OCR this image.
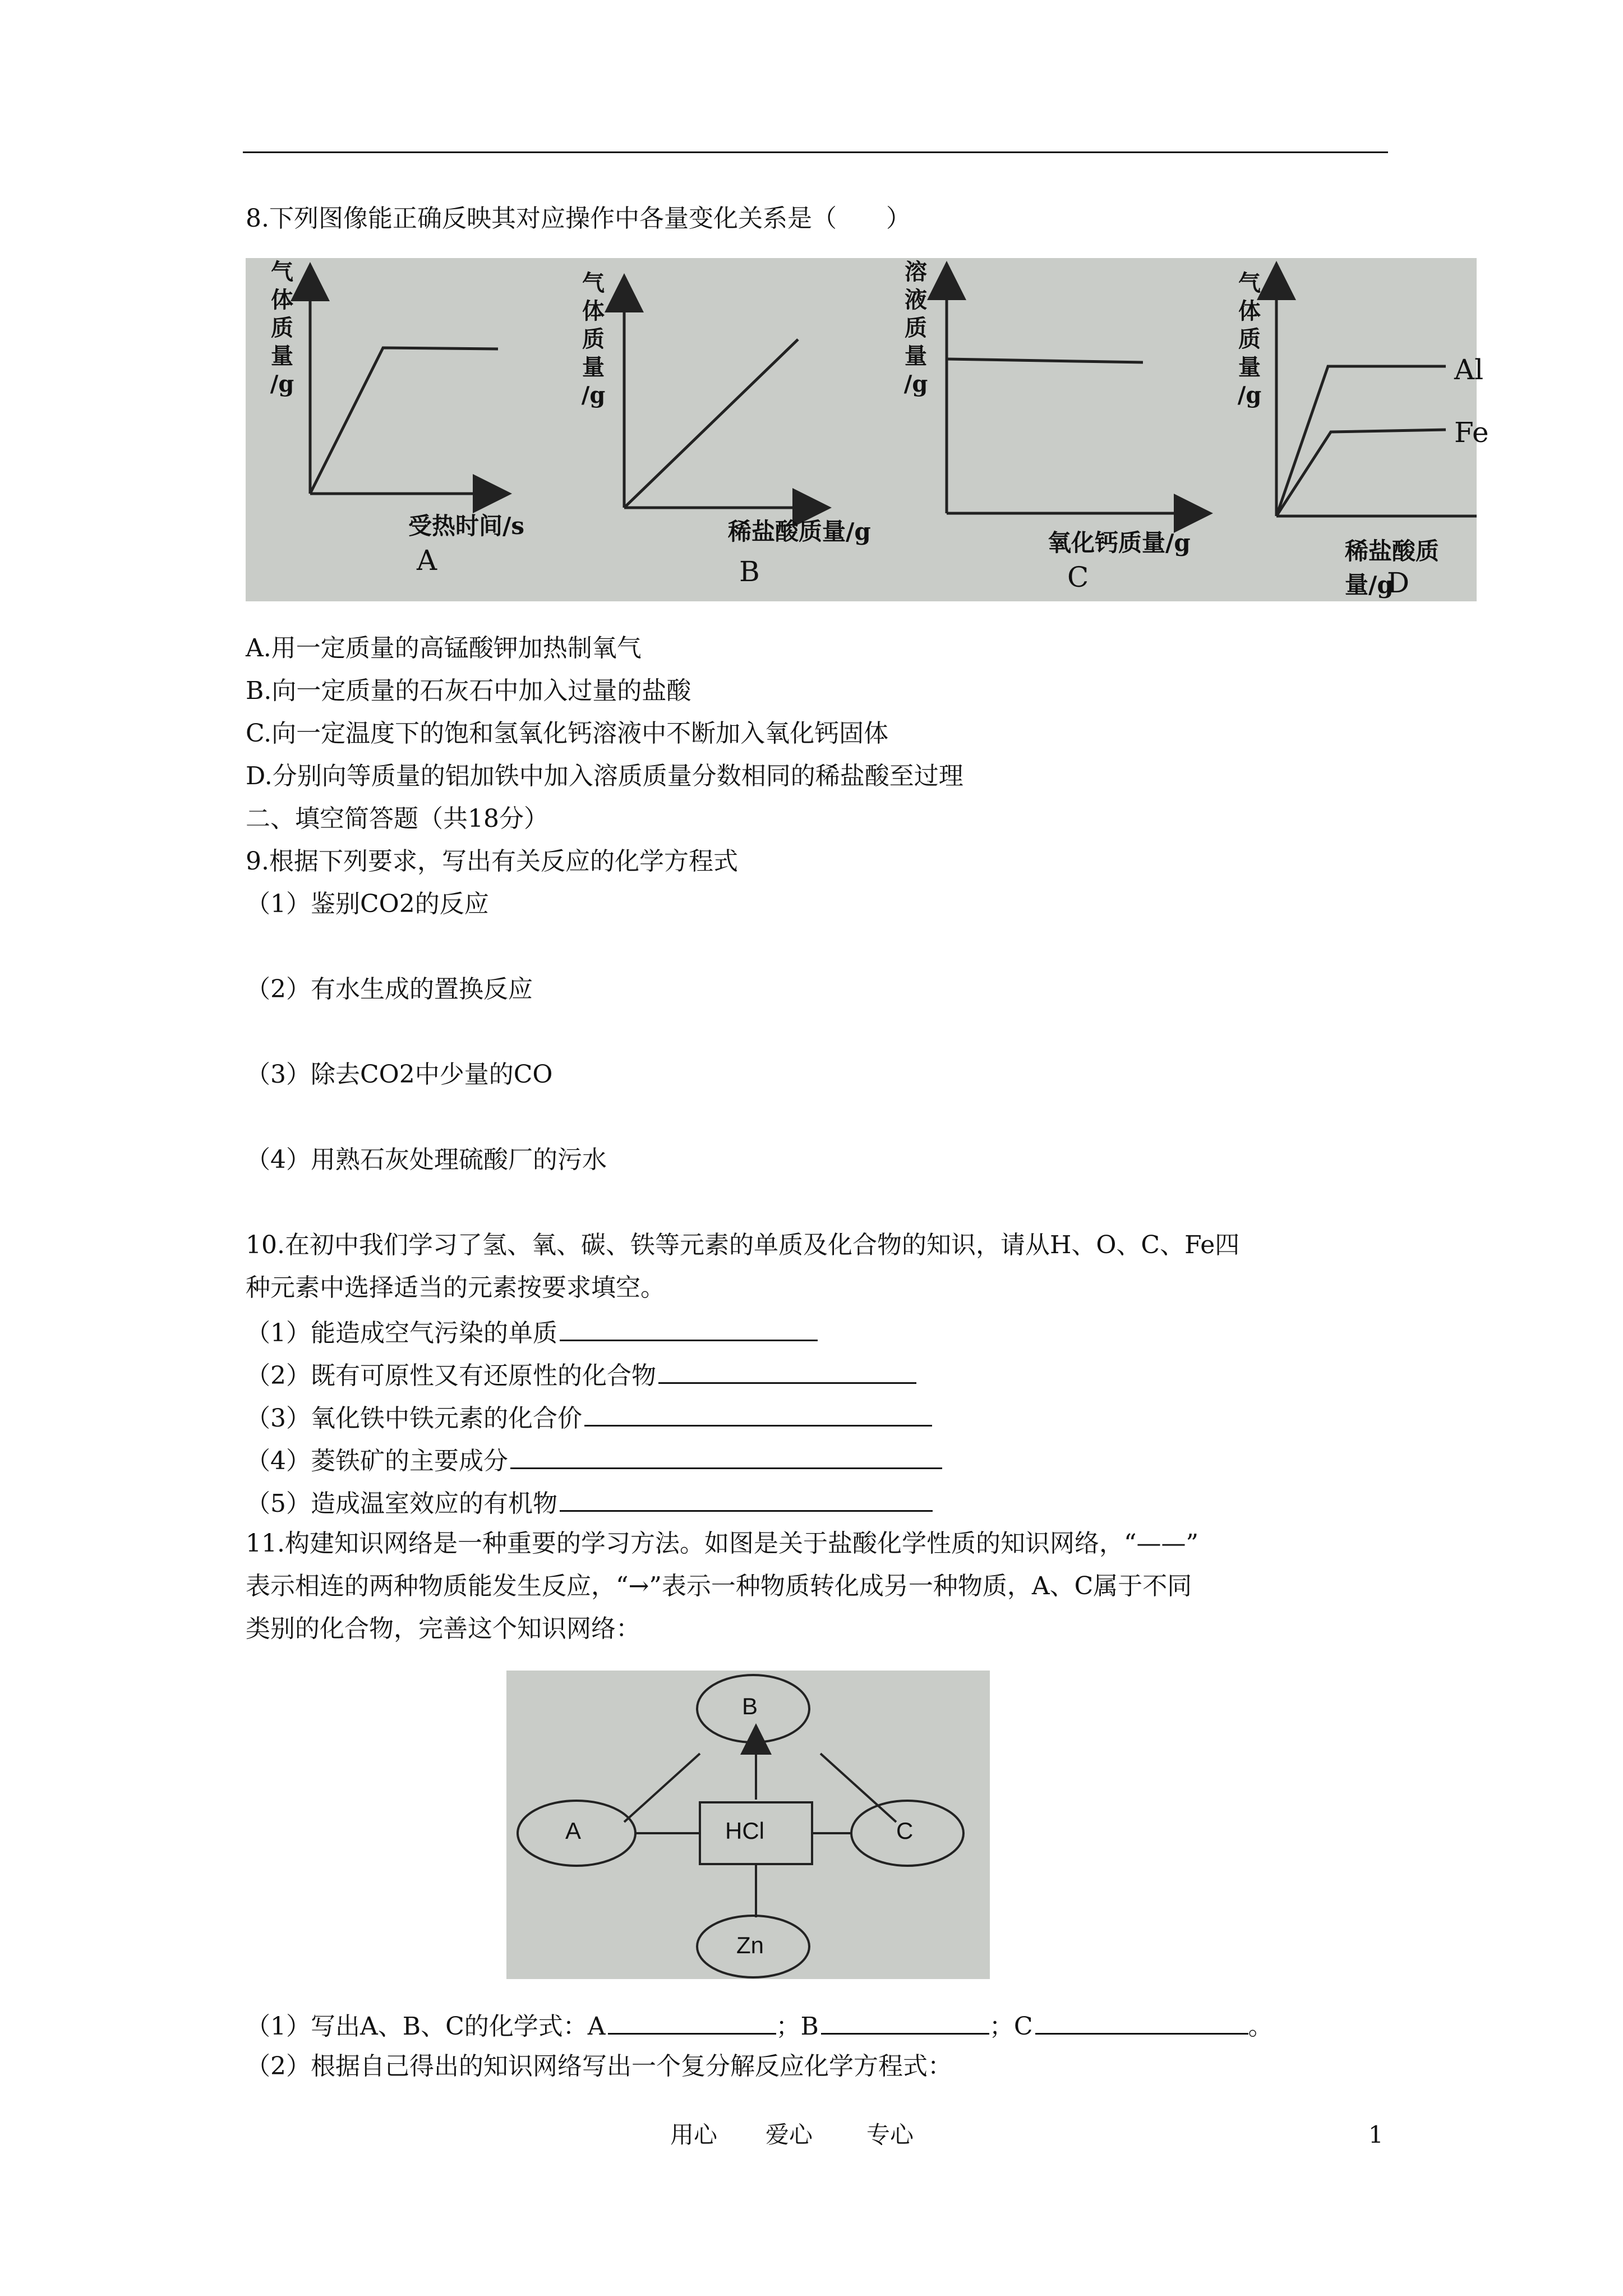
8.下列图像能正确反映其对应操作中各量变化关系是（　　）
气
体
质
量
/g
受热时间/s
A
气
体
质
量
/g
稀盐酸质量/g
B
溶
液
质
量
/g
氧化钙质量/g
C
气
体
质
量
/g
Al
Fe
稀盐酸质量/g
D
A.用一定质量的高锰酸钾加热制氧气
B.向一定质量的石灰石中加入过量的盐酸
C.向一定温度下的饱和氢氧化钙溶液中不断加入氧化钙固体
D.分别向等质量的铝加铁中加入溶质质量分数相同的稀盐酸至过理
二、填空简答题（共18分）
9.根据下列要求，写出有关反应的化学方程式
（1）鉴别CO2的反应
（2）有水生成的置换反应
（3）除去CO2中少量的CO
（4）用熟石灰处理硫酸厂的污水
10.在初中我们学习了氢、氧、碳、铁等元素的单质及化合物的知识，请从H、O、C、Fe四
种元素中选择适当的元素按要求填空。
（1）能造成空气污染的单质
（2）既有可原性又有还原性的化合物
（3）氧化铁中铁元素的化合价
（4）菱铁矿的主要成分
（5）造成温室效应的有机物
11.构建知识网络是一种重要的学习方法。如图是关于盐酸化学性质的知识网络，“——”
表示相连的两种物质能发生反应，“→”表示一种物质转化成另一种物质，A、C属于不同
类别的化合物，完善这个知识网络：
B
A	HCl	C
Zn
（1）写出A、B、C的化学式：A	；B	；C	。
（2）根据自己得出的知识网络写出一个复分解反应化学方程式：
用心 爱心 专心	1
